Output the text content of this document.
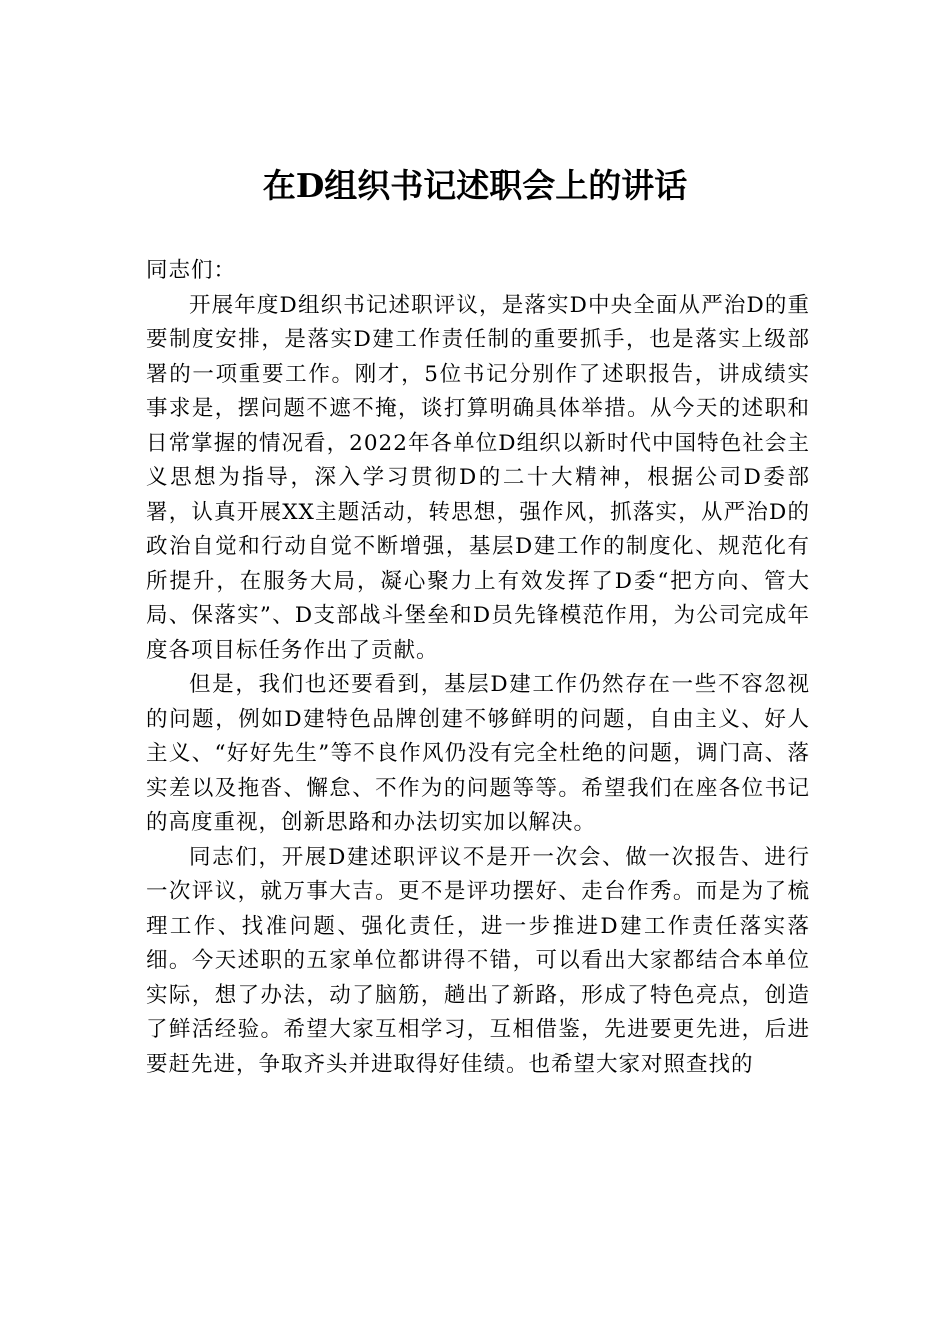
在D组织书记述职会上的讲话

同志们：

开展年度D组织书记述职评议，是落实D中央全面从严治D的重要制度安排，是落实D建工作责任制的重要抓手，也是落实上级部署的一项重要工作。刚才，5位书记分别作了述职报告，讲成绩实事求是，摆问题不遮不掩，谈打算明确具体举措。从今天的述职和日常掌握的情况看，2022年各单位D组织以新时代中国特色社会主义思想为指导，深入学习贯彻D的二十大精神，根据公司D委部署，认真开展XX主题活动，转思想，强作风，抓落实，从严治D的政治自觉和行动自觉不断增强，基层D建工作的制度化、规范化有所提升，在服务大局，凝心聚力上有效发挥了D委“把方向、管大局、保落实”、D支部战斗堡垒和D员先锋模范作用，为公司完成年度各项目标任务作出了贡献。

但是，我们也还要看到，基层D建工作仍然存在一些不容忽视的问题，例如D建特色品牌创建不够鲜明的问题，自由主义、好人主义、“好好先生”等不良作风仍没有完全杜绝的问题，调门高、落实差以及拖沓、懈怠、不作为的问题等等。希望我们在座各位书记的高度重视，创新思路和办法切实加以解决。

同志们，开展D建述职评议不是开一次会、做一次报告、进行一次评议，就万事大吉。更不是评功摆好、走台作秀。而是为了梳理工作、找准问题、强化责任，进一步推进D建工作责任落实落细。今天述职的五家单位都讲得不错，可以看出大家都结合本单位实际，想了办法，动了脑筋，趟出了新路，形成了特色亮点，创造了鲜活经验。希望大家互相学习，互相借鉴，先进要更先进，后进要赶先进，争取齐头并进取得好佳绩。也希望大家对照查找的
